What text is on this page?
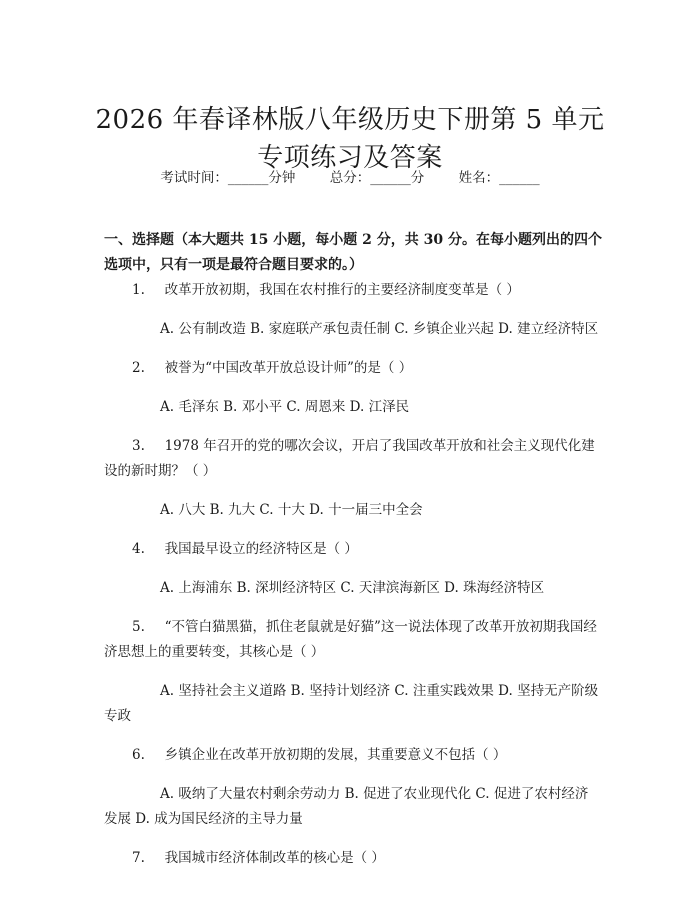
2026 年春译林版八年级历史下册第 5 单元专项练习及答案
考试时间：______分钟	总分：______分	姓名：______
一、选择题（本大题共 15 小题，每小题 2 分，共 30 分。在每小题列出的四个选项中，只有一项是最符合题目要求的。）

1. 改革开放初期，我国在农村推行的主要经济制度变革是（ ）

A. 公有制改造 B. 家庭联产承包责任制 C. 乡镇企业兴起 D. 建立经济特区

2. 被誉为“中国改革开放总设计师”的是（ ）

A. 毛泽东 B. 邓小平 C. 周恩来 D. 江泽民

3. 1978 年召开的党的哪次会议，开启了我国改革开放和社会主义现代化建设的新时期？（ ）

A. 八大 B. 九大 C. 十大 D. 十一届三中全会

4. 我国最早设立的经济特区是（ ）

A. 上海浦东 B. 深圳经济特区 C. 天津滨海新区 D. 珠海经济特区

5. “不管白猫黑猫，抓住老鼠就是好猫”这一说法体现了改革开放初期我国经济思想上的重要转变，其核心是（ ）

A. 坚持社会主义道路 B. 坚持计划经济 C. 注重实践效果 D. 坚持无产阶级专政

6. 乡镇企业在改革开放初期的发展，其重要意义不包括（ ）

A. 吸纳了大量农村剩余劳动力 B. 促进了农业现代化 C. 促进了农村经济发展 D. 成为国民经济的主导力量

7. 我国城市经济体制改革的核心是（ ）
